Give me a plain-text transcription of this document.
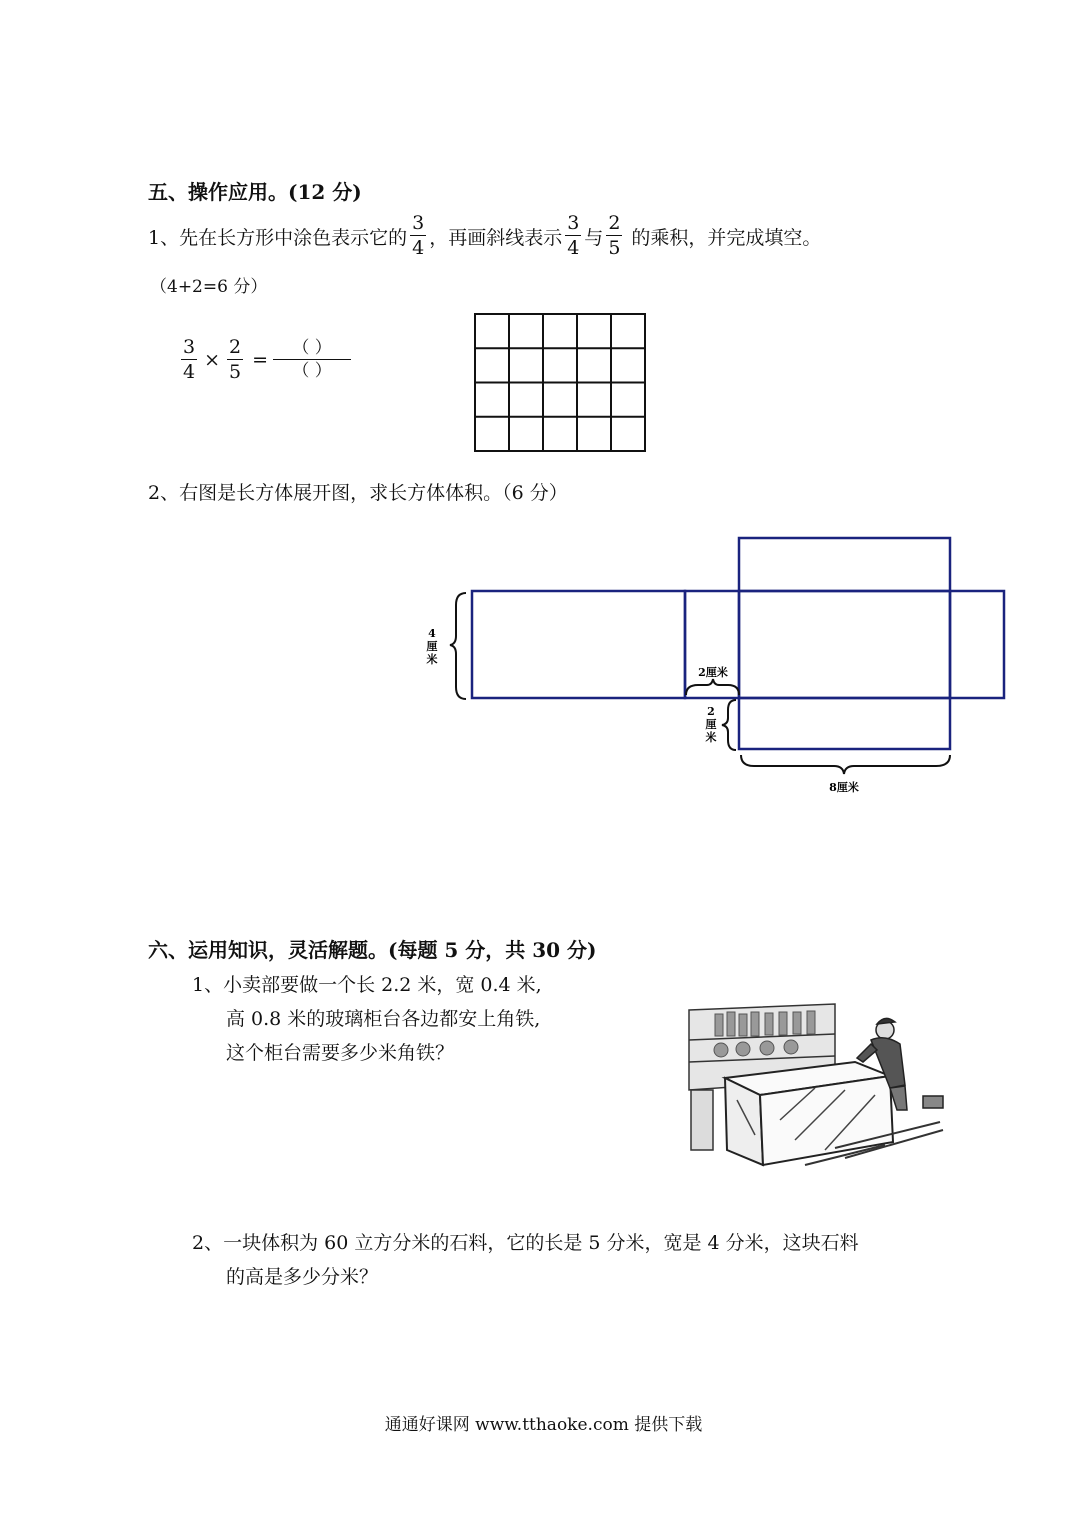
五、操作应用。(12 分)
1、先在长方形中涂色表示它的 $\frac{3}{4}$ ，再画斜线表示 $\frac{3}{4}$ 与 $\frac{2}{5}$ 的乘积，并完成填空。
（4+2=6 分）
$\frac{3}{4} \times \frac{2}{5} = \frac{( )}{( )}$
2、右图是长方体展开图，求长方体体积。（6 分）
4 厘米
2厘米
2 厘米
8厘米
六、运用知识，灵活解题。(每题 5 分，共 30 分)
1、小卖部要做一个长 2.2 米，宽 0.4 米,
高 0.8 米的玻璃柜台各边都安上角铁,
这个柜台需要多少米角铁？
2、一块体积为 60 立方分米的石料，它的长是 5 分米，宽是 4 分米，这块石料
的高是多少分米？
通通好课网 www.tthaoke.com 提供下载
